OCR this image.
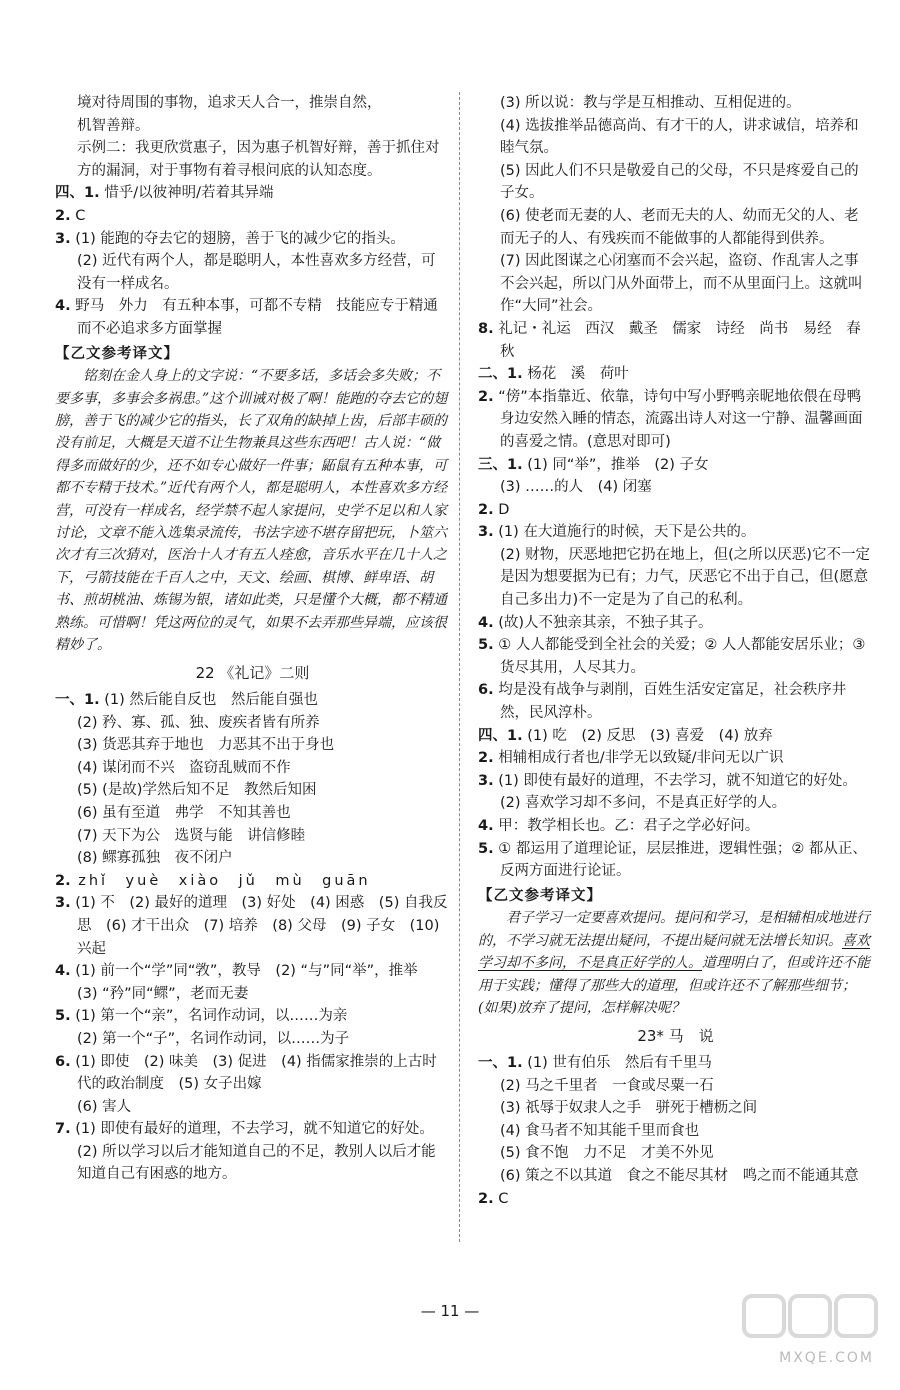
境对待周围的事物，追求天人合一，推崇自然，

机智善辩。

示例二：我更欣赏惠子，因为惠子机智好辩，善于抓住对方的漏洞，对于事物有着寻根问底的认知态度。

四、1. 惜乎/以彼神明/若着其异端

2. C

3. (1) 能跑的夺去它的翅膀，善于飞的减少它的指头。

(2) 近代有两个人，都是聪明人，本性喜欢多方经营，可没有一样成名。

4. 野马　外力　有五种本事，可都不专精　技能应专于精通而不必追求多方面掌握

【乙文参考译文】

铭刻在金人身上的文字说：“不要多话，多话会多失败；不要多事，多事会多祸患。”这个训诫对极了啊！能跑的夺去它的翅膀，善于飞的减少它的指头，长了双角的缺掉上齿，后部丰硕的没有前足，大概是天道不让生物兼具这些东西吧！古人说：“做得多而做好的少，还不如专心做好一件事；鼫鼠有五种本事，可都不专精于技术。”近代有两个人，都是聪明人，本性喜欢多方经营，可没有一样成名，经学禁不起人家提问，史学不足以和人家讨论，文章不能入选集录流传，书法字迹不堪存留把玩，卜筮六次才有三次猜对，医治十人才有五人痊愈，音乐水平在几十人之下，弓箭技能在千百人之中，天文、绘画、棋博、鲜卑语、胡书、煎胡桃油、炼锡为银，诸如此类，只是懂个大概，都不精通熟练。可惜啊！凭这两位的灵气，如果不去弄那些异端，应该很精妙了。

22 《礼记》二则

一、1. (1) 然后能自反也　然后能自强也

(2) 矜、寡、孤、独、废疾者皆有所养

(3) 货恶其弃于地也　力恶其不出于身也

(4) 谋闭而不兴　盗窃乱贼而不作

(5) (是故)学然后知不足　教然后知困

(6) 虽有至道　弗学　不知其善也

(7) 天下为公　选贤与能　讲信修睦

(8) 鳏寡孤独　夜不闭户

2. zhǐ　yuè　xiào　jǔ　mù　guān

3. (1) 不　(2) 最好的道理　(3) 好处　(4) 困惑　(5) 自我反思　(6) 才干出众　(7) 培养　(8) 父母　(9) 子女　(10) 兴起

4. (1) 前一个“学”同“敩”，教导　(2) “与”同“举”，推举　(3) “矜”同“鳏”，老而无妻

5. (1) 第一个“亲”，名词作动词，以……为亲

(2) 第一个“子”，名词作动词，以……为子

6. (1) 即使　(2) 味美　(3) 促进　(4) 指儒家推崇的上古时代的政治制度　(5) 女子出嫁

(6) 害人

7. (1) 即使有最好的道理，不去学习，就不知道它的好处。

(2) 所以学习以后才能知道自己的不足，教别人以后才能知道自己有困惑的地方。

(3) 所以说：教与学是互相推动、互相促进的。

(4) 选拔推举品德高尚、有才干的人，讲求诚信，培养和睦气氛。

(5) 因此人们不只是敬爱自己的父母，不只是疼爱自己的子女。

(6) 使老而无妻的人、老而无夫的人、幼而无父的人、老而无子的人、有残疾而不能做事的人都能得到供养。

(7) 因此图谋之心闭塞而不会兴起，盗窃、作乱害人之事不会兴起，所以门从外面带上，而不从里面闩上。这就叫作“大同”社会。

8. 礼记・礼运　西汉　戴圣　儒家　诗经　尚书　易经　春秋

二、1. 杨花　溪　荷叶

2. “傍”本指靠近、依靠，诗句中写小野鸭亲昵地依偎在母鸭身边安然入睡的情态，流露出诗人对这一宁静、温馨画面的喜爱之情。(意思对即可)

三、1. (1) 同“举”，推举　(2) 子女

(3) ……的人　(4) 闭塞

2. D

3. (1) 在大道施行的时候，天下是公共的。

(2) 财物，厌恶地把它扔在地上，但(之所以厌恶)它不一定是因为想要据为已有；力气，厌恶它不出于自己，但(愿意自己多出力)不一定是为了自己的私利。

4. (故)人不独亲其亲，不独子其子。

5. ① 人人都能受到全社会的关爱；② 人人都能安居乐业；③ 货尽其用，人尽其力。

6. 均是没有战争与剥削，百姓生活安定富足，社会秩序井然，民风淳朴。

四、1. (1) 吃　(2) 反思　(3) 喜爱　(4) 放弃

2. 相辅相成行者也/非学无以致疑/非问无以广识

3. (1) 即使有最好的道理，不去学习，就不知道它的好处。

(2) 喜欢学习却不多问，不是真正好学的人。

4. 甲：教学相长也。乙：君子之学必好问。

5. ① 都运用了道理论证，层层推进，逻辑性强；② 都从正、反两方面进行论证。

【乙文参考译文】

君子学习一定要喜欢提问。提问和学习，是相辅相成地进行的，不学习就无法提出疑问，不提出疑问就无法增长知识。喜欢学习却不多问，不是真正好学的人。道理明白了，但或许还不能用于实践；懂得了那些大的道理，但或许还不了解那些细节；(如果)放弃了提问，怎样解决呢？

23* 马　说

一、1. (1) 世有伯乐　然后有千里马

(2) 马之千里者　一食或尽粟一石

(3) 祇辱于奴隶人之手　骈死于槽枥之间

(4) 食马者不知其能千里而食也

(5) 食不饱　力不足　才美不外见

(6) 策之不以其道　食之不能尽其材　鸣之而不能通其意

2. C

— 11 —
MXQE.COM
